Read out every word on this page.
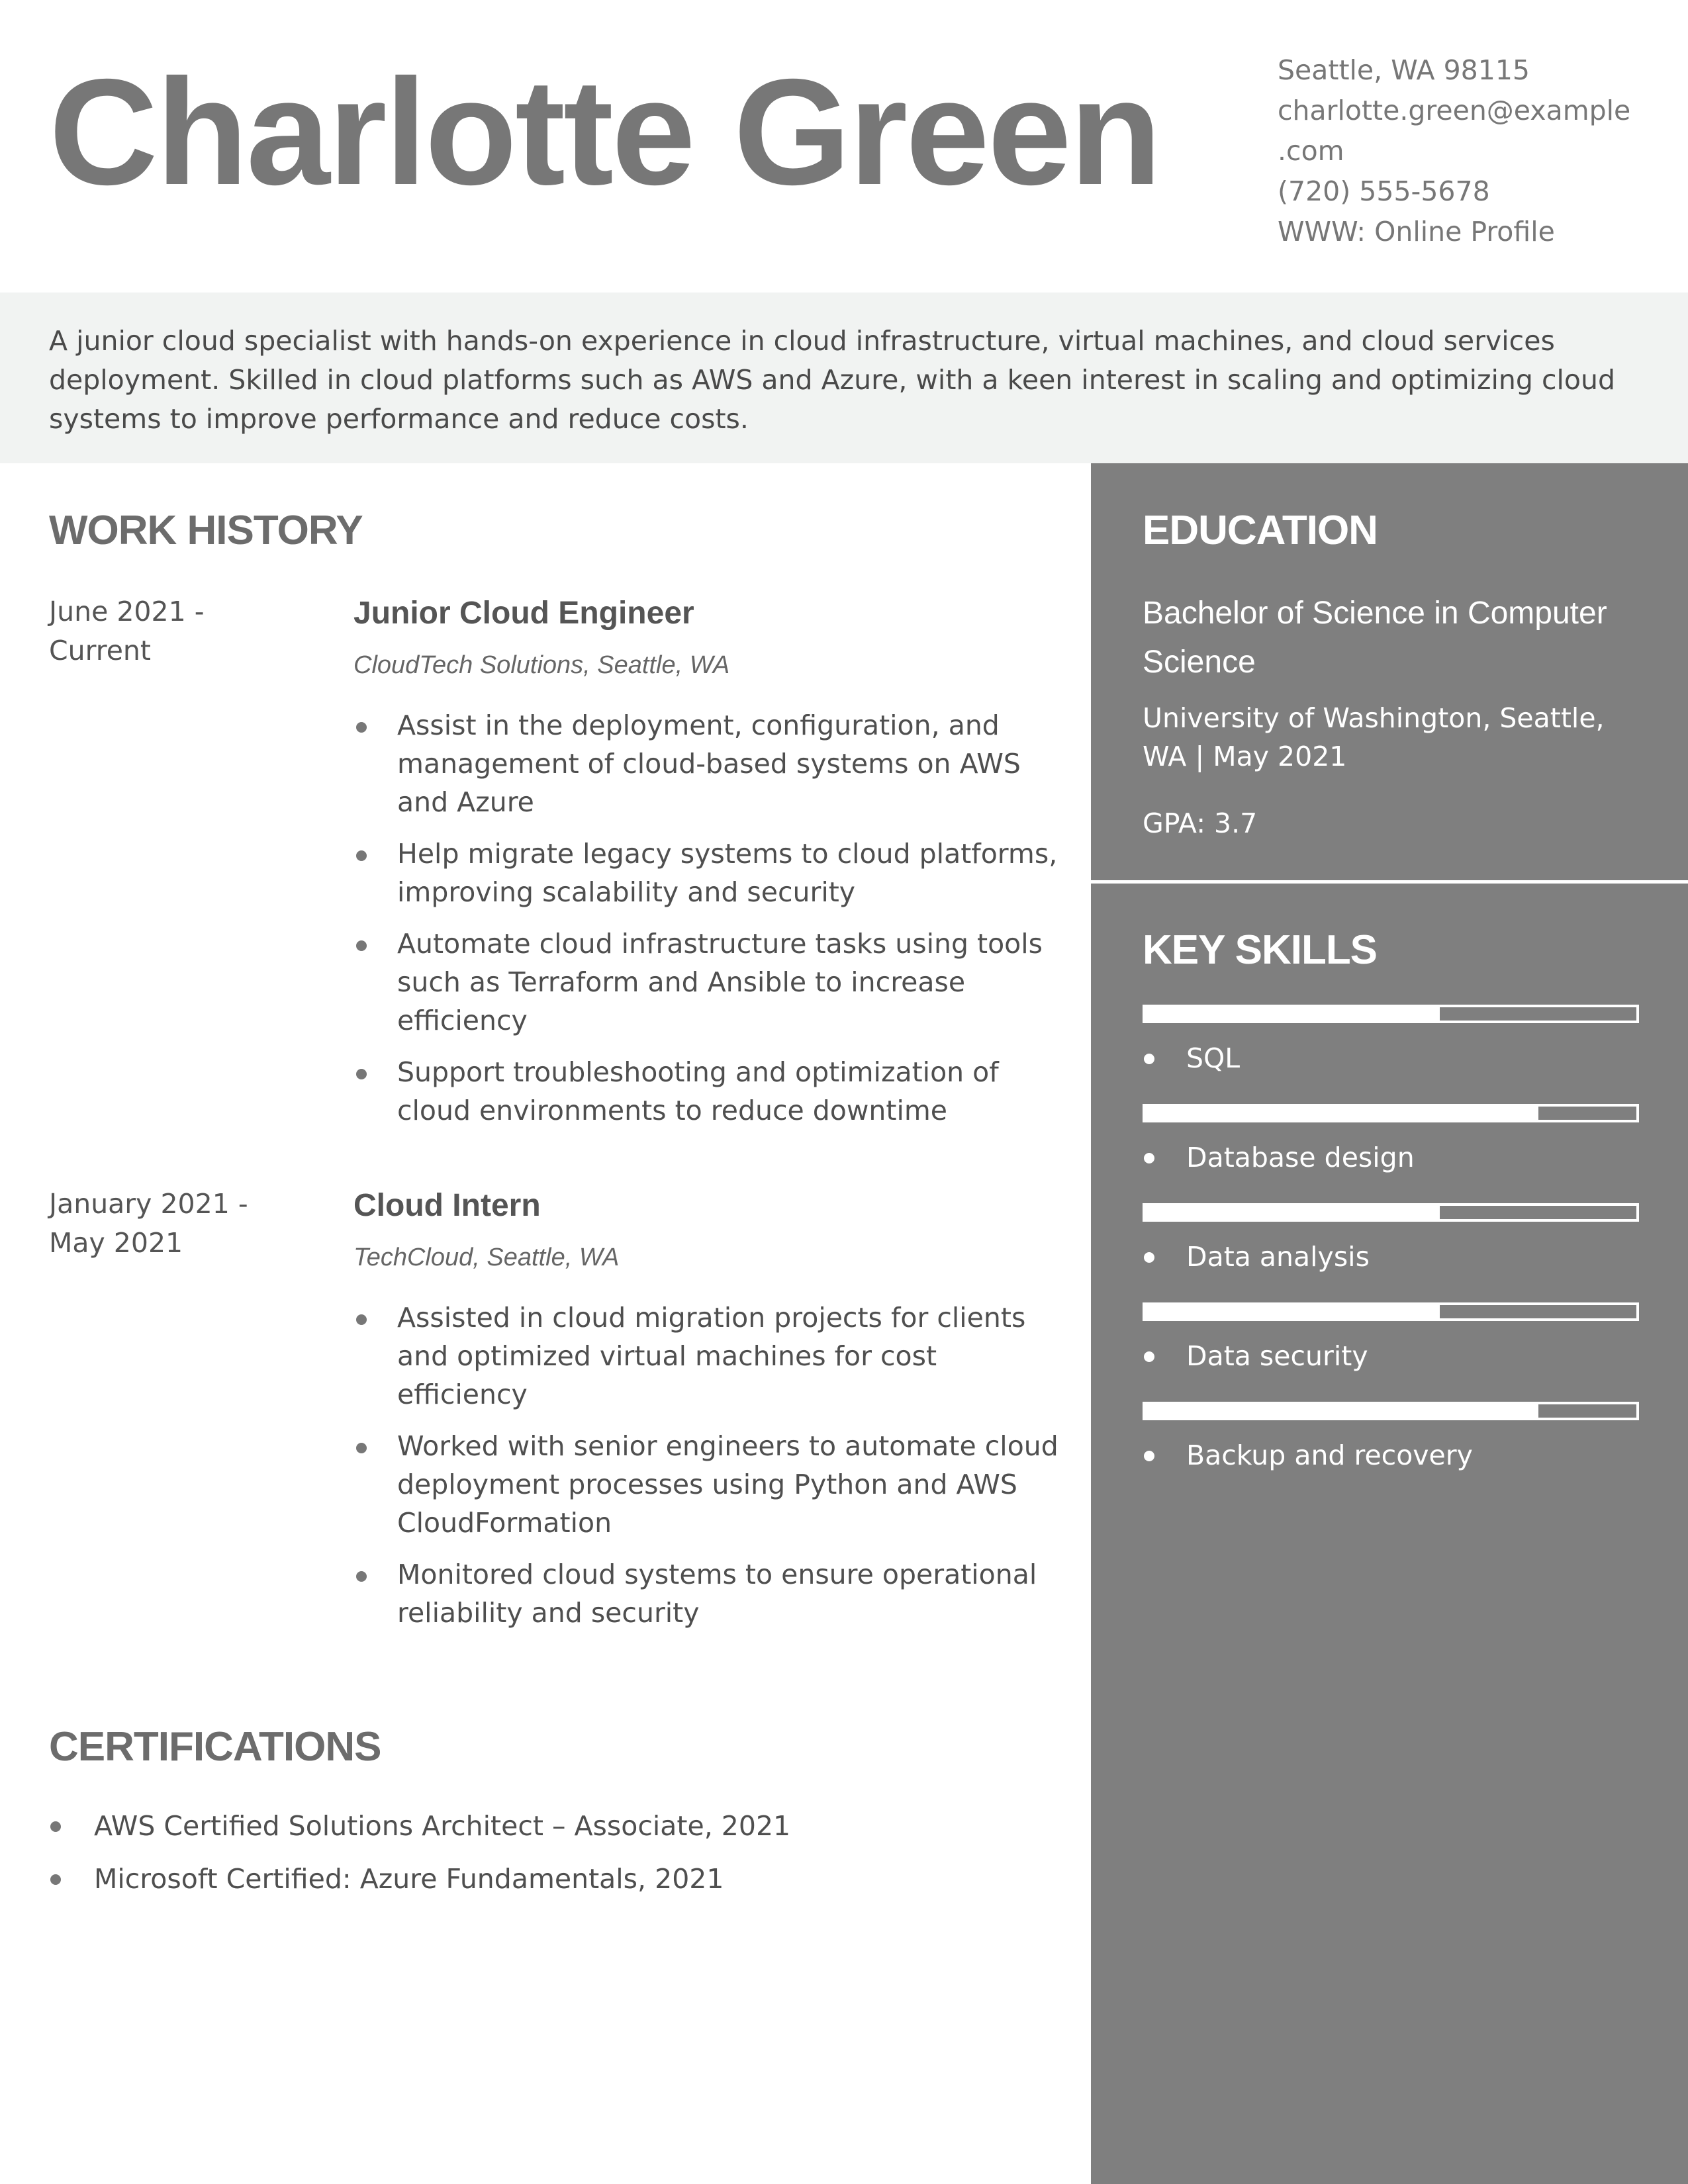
Charlotte Green	Seattle, WA 98115
charlotte.green@example
.com
(720) 555-5678
WWW: Online Profile

A junior cloud specialist with hands-on experience in cloud infrastructure, virtual machines, and cloud services deployment. Skilled in cloud platforms such as AWS and Azure, with a keen interest in scaling and optimizing cloud systems to improve performance and reduce costs.

WORK HISTORY
June 2021 - Current
Junior Cloud Engineer
CloudTech Solutions, Seattle, WA
Assist in the deployment, configuration, and management of cloud-based systems on AWS and Azure
Help migrate legacy systems to cloud platforms, improving scalability and security
Automate cloud infrastructure tasks using tools such as Terraform and Ansible to increase efficiency
Support troubleshooting and optimization of cloud environments to reduce downtime
January 2021 - May 2021
Cloud Intern
TechCloud, Seattle, WA
Assisted in cloud migration projects for clients and optimized virtual machines for cost efficiency
Worked with senior engineers to automate cloud deployment processes using Python and AWS CloudFormation
Monitored cloud systems to ensure operational reliability and security
CERTIFICATIONS
AWS Certified Solutions Architect – Associate, 2021
Microsoft Certified: Azure Fundamentals, 2021
EDUCATION
Bachelor of Science in Computer Science
University of Washington, Seattle, WA | May 2021
GPA: 3.7
KEY SKILLS
SQL
Database design
Data analysis
Data security
Backup and recovery
